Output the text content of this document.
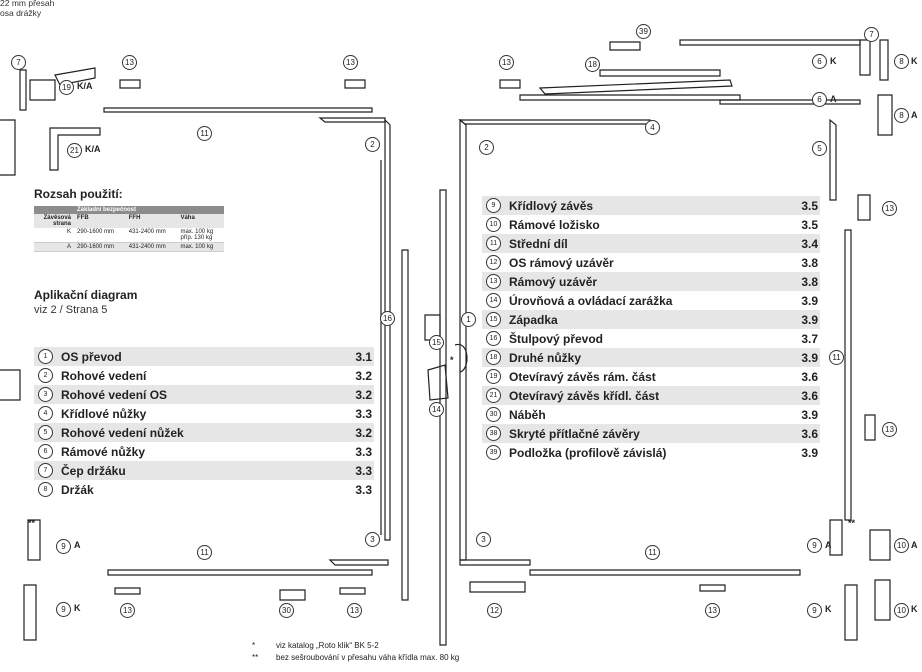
22 mm přesah
osa drážky
7
19 K/A
21 K/A
13	13
11
2
16	1
15
14
3
11
13	30	13
9 A
9 K
**
39
18
7
6 K	8 K
6 A
8 A
4
2	5
13
11
13
13
3
11
12	13
9 A
9 K
10 A
10 K
**
*
Rozsah použití:
	Základní bezpečnost		
Závěsová strana	FFB	FFH	Váha
K	290-1600 mm	431-2400 mm	max. 100 kg
příp. 130 kg
A	290-1600 mm	431-2400 mm	max. 100 kg
Aplikační diagram
viz 2 / Strana 5
1	OS převod	3.1
2	Rohové vedení	3.2
3	Rohové vedení OS	3.2
4	Křídlové nůžky	3.3
5	Rohové vedení nůžek	3.2
6	Rámové nůžky	3.3
7	Čep držáku	3.3
8	Držák	3.3
9	Křídlový závěs	3.5
10 Rámové ložisko	3.5
11 Střední díl	3.4
12 OS rámový uzávěr	3.8
13 Rámový uzávěr	3.8
14 Úrovňová a ovládací zarážka	3.9
15 Západka	3.9
16 Štulpový převod	3.7
18 Druhé nůžky	3.9
19 Otevíravý závěs rám. část	3.6
21 Otevíravý závěs křídl. část	3.6
30 Náběh	3.9
38 Skryté přítlačné závěry	3.6
39 Podložka (profilově závislá)	3.9
*	viz katalog „Roto klik“ BK 5-2
** bez sešroubování v přesahu váha křídla max. 80 kg
